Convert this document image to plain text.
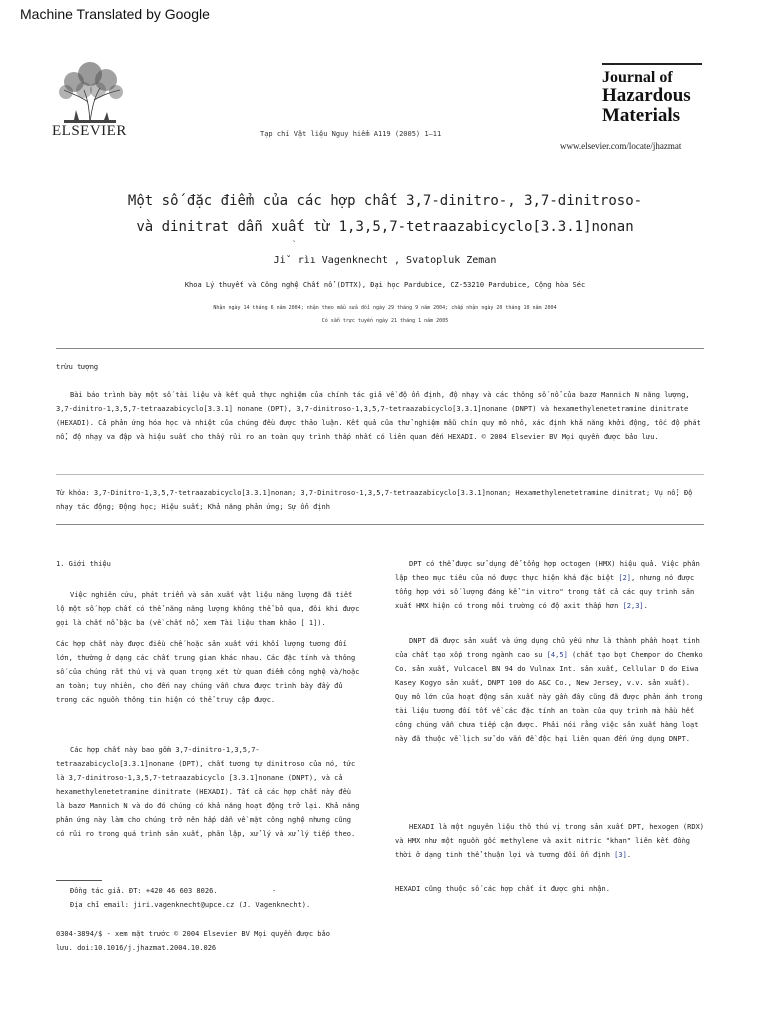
Machine Translated by Google
ELSEVIER	Tạp chí Vật liệu Nguy hiểm A119 (2005) 1–11
Journal of
Hazardous
Materials
www.elsevier.com/locate/jhazmat
Một số đặc điểm của các hợp chất 3,7-dinitro-, 3,7-dinitroso-
và dinitrat dẫn xuất từ 1,3,5,7-tetraazabicyclo[3.3.1]nonan
`
Jiˇ rìı Vagenknecht , Svatopluk Zeman
Khoa Lý thuyết và Công nghệ Chất nổ (DTTX), Đại học Pardubice, CZ-53210 Pardubice, Cộng hòa Séc
Nhận ngày 14 tháng 6 năm 2004; nhận theo mẫu sửa đổi ngày 29 tháng 9 năm 2004; chấp nhận ngày 20 tháng 10 năm 2004
Có sẵn trực tuyến ngày 21 tháng 1 năm 2005
trừu tượng
Bài báo trình bày một số tài liệu và kết quả thực nghiệm của chính tác giả về độ ổn định, độ nhạy và các thông số nổ của bazơ Mannich N năng lượng, 3,7-dinitro-1,3,5,7-tetraazabicyclo[3.3.1] nonane (DPT), 3,7-dinitroso-1,3,5,7-tetraazabicyclo[3.3.1]nonane (DNPT) và hexamethylenetetramine dinitrate (HEXADI). Cả phản ứng hóa học và nhiệt của chúng đều được thảo luận. Kết quả của thử nghiệm mẫu chín quy mô nhỏ, xác định khả năng khởi động, tốc độ phát nổ, độ nhạy va đập và hiệu suất cho thấy rủi ro an toàn quy trình thấp nhất có liên quan đến HEXADI. © 2004 Elsevier BV Mọi quyền được bảo lưu.
Từ khóa: 3,7-Dinitro-1,3,5,7-tetraazabicyclo[3.3.1]nonan; 3,7-Dinitroso-1,3,5,7-tetraazabicyclo[3.3.1]nonan; Hexamethylenetetramine dinitrat; Vụ nổ; Độ nhạy tác động; Động học; Hiệu suất; Khả năng phản ứng; Sự ổn định
1. Giới thiệu
Việc nghiên cứu, phát triển và sản xuất vật liệu năng lượng đã tiết lộ một số hợp chất có thể năng năng lượng không thể bỏ qua, đôi khi được gọi là chất nổ bậc ba (về chất nổ, xem Tài liệu tham khảo [ 1]).
Các hợp chất này được điều chế hoặc sản xuất với khối lượng tương đối lớn, thường ở dạng các chất trung gian khác nhau. Các đặc tính và thông số của chúng rất thú vị và quan trọng xét từ quan điểm công nghệ và/hoặc an toàn; tuy nhiên, cho đến nay chúng vẫn chưa được trình bày đầy đủ trong các nguồn thông tin hiện có thể truy cập được.
Các hợp chất này bao gồm 3,7-dinitro-1,3,5,7-tetraazabicyclo[3.3.1]nonane (DPT), chất tương tự dinitroso của nó, tức là 3,7-dinitroso-1,3,5,7-tetraazabicyclo [3.3.1]nonane (DNPT), và cả hexamethylenetetramine dinitrate (HEXADI). Tất cả các hợp chất này đều là bazơ Mannich N và do đó chúng có khả năng hoạt động trở lại. Khả năng phản ứng này làm cho chúng trở nên hấp dẫn về mặt công nghệ nhưng cũng có rủi ro trong quá trình sản xuất, phân lập, xử lý và xử lý tiếp theo.
Đồng tác giả. ĐT: +420 46 603 8026.	.
Địa chỉ email: jiri.vagenknecht@upce.cz (J. Vagenknecht).
0304-3894/$ - xem mặt trước © 2004 Elsevier BV Mọi quyền được bảo
lưu. doi:10.1016/j.jhazmat.2004.10.026
DPT có thể được sử dụng để tổng hợp octogen (HMX) hiệu quả. Việc phân lập theo mục tiêu của nó được thực hiện khá đặc biệt [2], nhưng nó được tổng hợp với số lượng đáng kể "in vitro" trong tất cả các quy trình sản xuất HMX hiện có trong môi trường có độ axit thấp hơn [2,3].
DNPT đã được sản xuất và ứng dụng chủ yếu như là thành phần hoạt tính của chất tạo xốp trong ngành cao su [4,5] (chất tạo bọt Chempor do Chemko Co. sản xuất, Vulcacel BN 94 do Vulnax Int. sản xuất, Cellular D do Eiwa Kasey Kogyo sản xuất, DNPT 100 do A&C Co., New Jersey, v.v. sản xuất). Quy mô lớn của hoạt động sản xuất này gần đây cũng đã được phản ánh trong tài liệu tương đối tốt về các đặc tính an toàn của quy trình mà hầu hết công chúng vẫn chưa tiếp cận được. Phải nói rằng việc sản xuất hàng loạt này đã thuộc về lịch sử do vấn đề độc hại liên quan đến ứng dụng DNPT.
HEXADI là một nguyên liệu thô thú vị trong sản xuất DPT, hexogen (RDX) và HMX như một nguồn gốc methylene và axit nitric "khan" liên kết đồng thời ở dạng tinh thể thuận lợi và tương đối ổn định [3].
HEXADI cũng thuộc số các hợp chất ít được ghi nhận.
